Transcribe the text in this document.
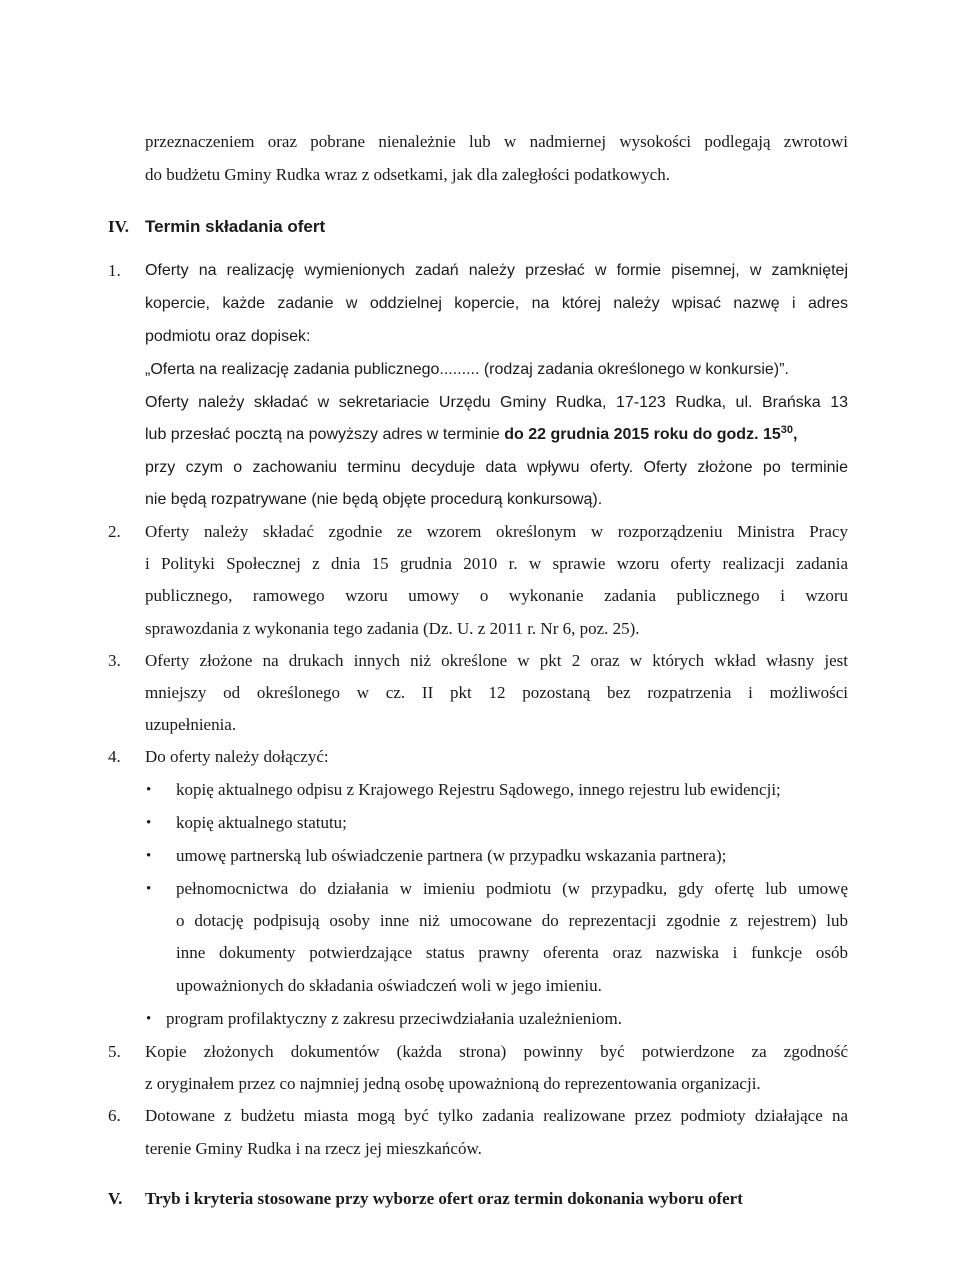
przeznaczeniem oraz pobrane nienależnie lub w nadmiernej wysokości podlegają zwrotowi
do budżetu Gminy Rudka wraz z odsetkami, jak dla zaległości podatkowych.
IV. Termin składania ofert
1. Oferty na realizację wymienionych zadań należy przesłać w formie pisemnej, w zamkniętej
kopercie, każde zadanie w oddzielnej kopercie, na której należy wpisać nazwę i adres
podmiotu oraz dopisek:
„Oferta na realizację zadania publicznego......... (rodzaj zadania określonego w konkursie)”.
Oferty należy składać w sekretariacie Urzędu Gminy Rudka, 17-123 Rudka, ul. Brańska 13
lub przesłać pocztą na powyższy adres w terminie do 22 grudnia 2015 roku do godz. $15^{30}$,
przy czym o zachowaniu terminu decyduje data wpływu oferty. Oferty złożone po terminie
nie będą rozpatrywane (nie będą objęte procedurą konkursową).
2. Oferty należy składać zgodnie ze wzorem określonym w rozporządzeniu Ministra Pracy
i Polityki Społecznej z dnia 15 grudnia 2010 r. w sprawie wzoru oferty realizacji zadania
publicznego, ramowego wzoru umowy o wykonanie zadania publicznego i wzoru
sprawozdania z wykonania tego zadania (Dz. U. z 2011 r. Nr 6, poz. 25).
3. Oferty złożone na drukach innych niż określone w pkt 2 oraz w których wkład własny jest
mniejszy od określonego w cz. II pkt 12 pozostaną bez rozpatrzenia i możliwości
uzupełnienia.
4. Do oferty należy dołączyć:
• kopię aktualnego odpisu z Krajowego Rejestru Sądowego, innego rejestru lub ewidencji;
• kopię aktualnego statutu;
• umowę partnerską lub oświadczenie partnera (w przypadku wskazania partnera);
• pełnomocnictwa do działania w imieniu podmiotu (w przypadku, gdy ofertę lub umowę
o dotację podpisują osoby inne niż umocowane do reprezentacji zgodnie z rejestrem) lub
inne dokumenty potwierdzające status prawny oferenta oraz nazwiska i funkcje osób
upoważnionych do składania oświadczeń woli w jego imieniu.
• program profilaktyczny z zakresu przeciwdziałania uzależnieniom.
5. Kopie złożonych dokumentów (każda strona) powinny być potwierdzone za zgodność
z oryginałem przez co najmniej jedną osobę upoważnioną do reprezentowania organizacji.
6. Dotowane z budżetu miasta mogą być tylko zadania realizowane przez podmioty działające na
terenie Gminy Rudka i na rzecz jej mieszkańców.
V. Tryb i kryteria stosowane przy wyborze ofert oraz termin dokonania wyboru ofert
